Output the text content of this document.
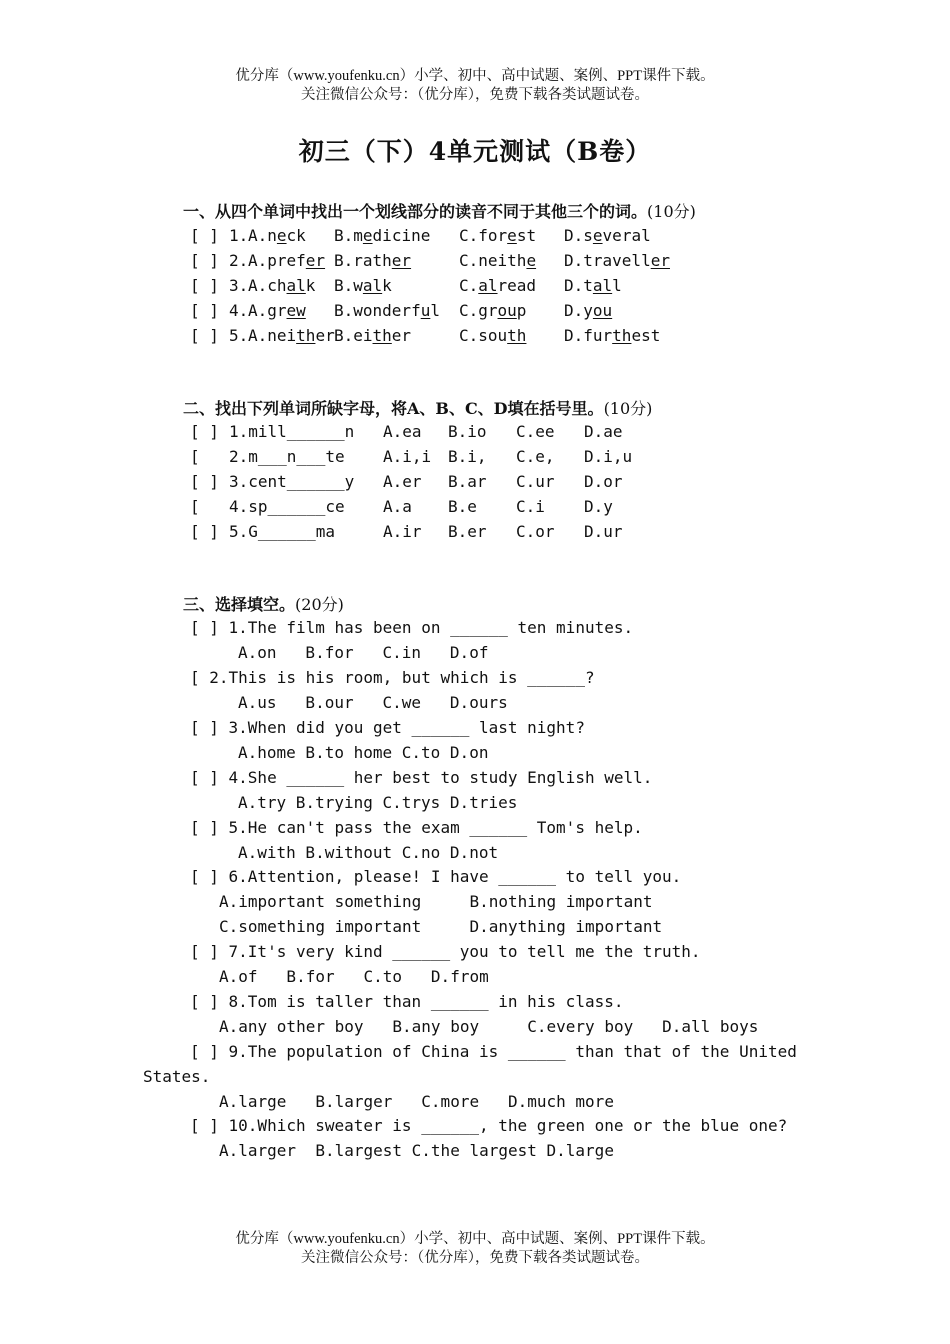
优分库（www.youfenku.cn）小学、初中、高中试题、案例、PPT课件下载。
关注微信公众号：（优分库），免费下载各类试题试卷。
初三（下）4单元测试（B卷）
一、从四个单词中找出一个划线部分的读音不同于其他三个的词。(10分)
[ ] 1. A.neck B.medicine C.forest D.several
[ ] 2. A.prefer B.rather	C.neithe D.traveller
[ ] 3. A.chalk B.walk	C.alread D.tall
[ ] 4. A.grew B.wonderful C.group D.you
[ ] 5. A.neither B.either	C.south D.furthest
二、找出下列单词所缺字母，将A、B、C、D填在括号里。(10分)
[ ] 1.mill______n A.ea B.io C.ee D.ae
[ 2.m___n___te A.i,i B.i, C.e, D.i,u
[ ] 3.cent______y A.er B.ar C.ur D.or
[ 4.sp______ce A.a B.e C.i D.y
[ ] 5.G______ma	A.ir B.er C.or D.ur
三、选择填空。(20分)
[ ] 1.The film has been on ______ ten minutes.
A.on   B.for   C.in   D.of
[ 2.This is his room, but which is ______?
A.us   B.our   C.we   D.ours
[ ] 3.When did you get ______ last night?
A.home B.to home C.to D.on
[ ] 4.She ______ her best to study English well.
A.try B.trying C.trys D.tries
[ ] 5.He can't pass the exam ______ Tom's help.
A.with B.without C.no D.not
[ ] 6.Attention, please! I have ______ to tell you.
A.important something     B.nothing important
C.something important     D.anything important
[ ] 7.It's very kind ______ you to tell me the truth.
A.of   B.for   C.to   D.from
[ ] 8.Tom is taller than ______ in his class.
A.any other boy   B.any boy     C.every boy   D.all boys
[ ] 9.The population of China is ______ than that of the United
States.
A.large   B.larger   C.more   D.much more
[ ] 10.Which sweater is ______, the green one or the blue one?
A.larger  B.largest C.the largest D.large
优分库（www.youfenku.cn）小学、初中、高中试题、案例、PPT课件下载。
关注微信公众号：（优分库），免费下载各类试题试卷。
